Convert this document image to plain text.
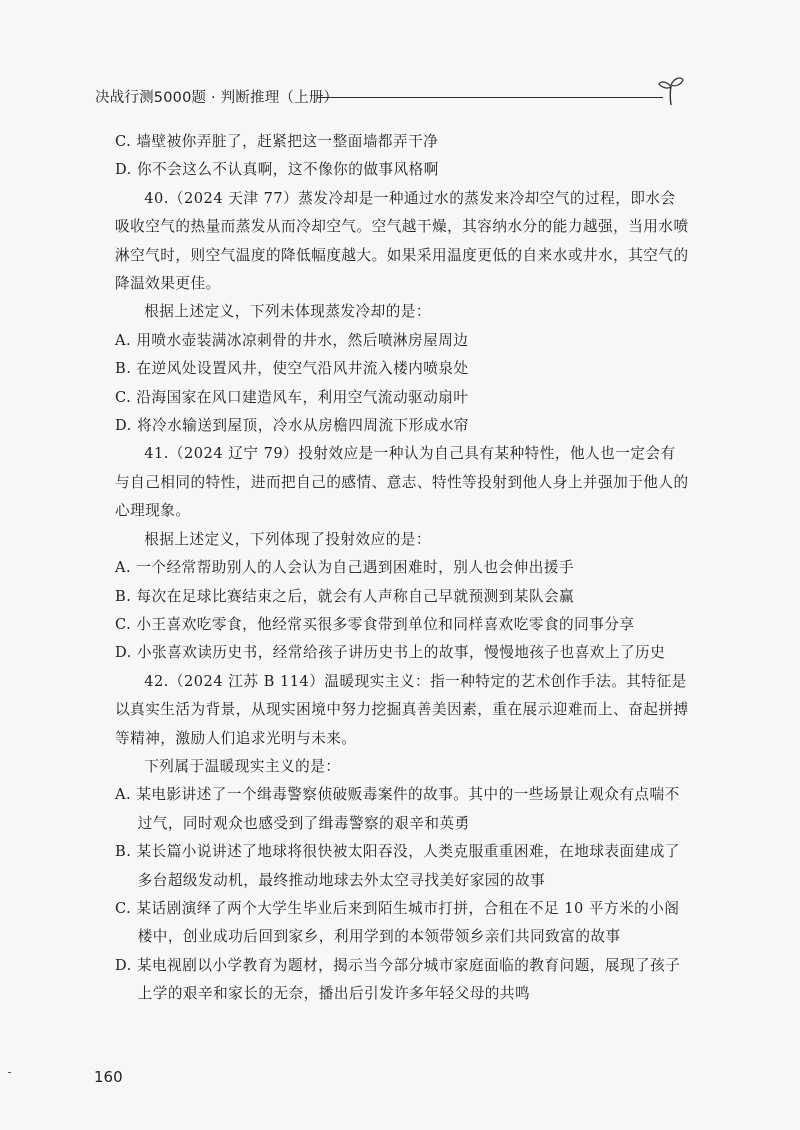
决战行测5000题 · 判断推理（上册）

C. 墙壁被你弄脏了，赶紧把这一整面墙都弄干净

D. 你不会这么不认真啊，这不像你的做事风格啊

40.（2024 天津 77）蒸发冷却是一种通过水的蒸发来冷却空气的过程，即水会吸收空气的热量而蒸发从而冷却空气。空气越干燥，其容纳水分的能力越强，当用水喷淋空气时，则空气温度的降低幅度越大。如果采用温度更低的自来水或井水，其空气的降温效果更佳。

根据上述定义，下列未体现蒸发冷却的是：

A. 用喷水壶装满冰凉刺骨的井水，然后喷淋房屋周边

B. 在逆风处设置风井，使空气沿风井流入楼内喷泉处

C. 沿海国家在风口建造风车，利用空气流动驱动扇叶

D. 将冷水输送到屋顶，冷水从房檐四周流下形成水帘

41.（2024 辽宁 79）投射效应是一种认为自己具有某种特性，他人也一定会有与自己相同的特性，进而把自己的感情、意志、特性等投射到他人身上并强加于他人的心理现象。

根据上述定义，下列体现了投射效应的是：

A. 一个经常帮助别人的人会认为自己遇到困难时，别人也会伸出援手

B. 每次在足球比赛结束之后，就会有人声称自己早就预测到某队会赢

C. 小王喜欢吃零食，他经常买很多零食带到单位和同样喜欢吃零食的同事分享

D. 小张喜欢读历史书，经常给孩子讲历史书上的故事，慢慢地孩子也喜欢上了历史

42.（2024 江苏 B 114）温暖现实主义：指一种特定的艺术创作手法。其特征是以真实生活为背景，从现实困境中努力挖掘真善美因素，重在展示迎难而上、奋起拼搏等精神，激励人们追求光明与未来。

下列属于温暖现实主义的是：

A. 某电影讲述了一个缉毒警察侦破贩毒案件的故事。其中的一些场景让观众有点喘不过气，同时观众也感受到了缉毒警察的艰辛和英勇

B. 某长篇小说讲述了地球将很快被太阳吞没，人类克服重重困难，在地球表面建成了多台超级发动机，最终推动地球去外太空寻找美好家园的故事

C. 某话剧演绎了两个大学生毕业后来到陌生城市打拼，合租在不足 10 平方米的小阁楼中，创业成功后回到家乡，利用学到的本领带领乡亲们共同致富的故事

D. 某电视剧以小学教育为题材，揭示当今部分城市家庭面临的教育问题，展现了孩子上学的艰辛和家长的无奈，播出后引发许多年轻父母的共鸣

160
